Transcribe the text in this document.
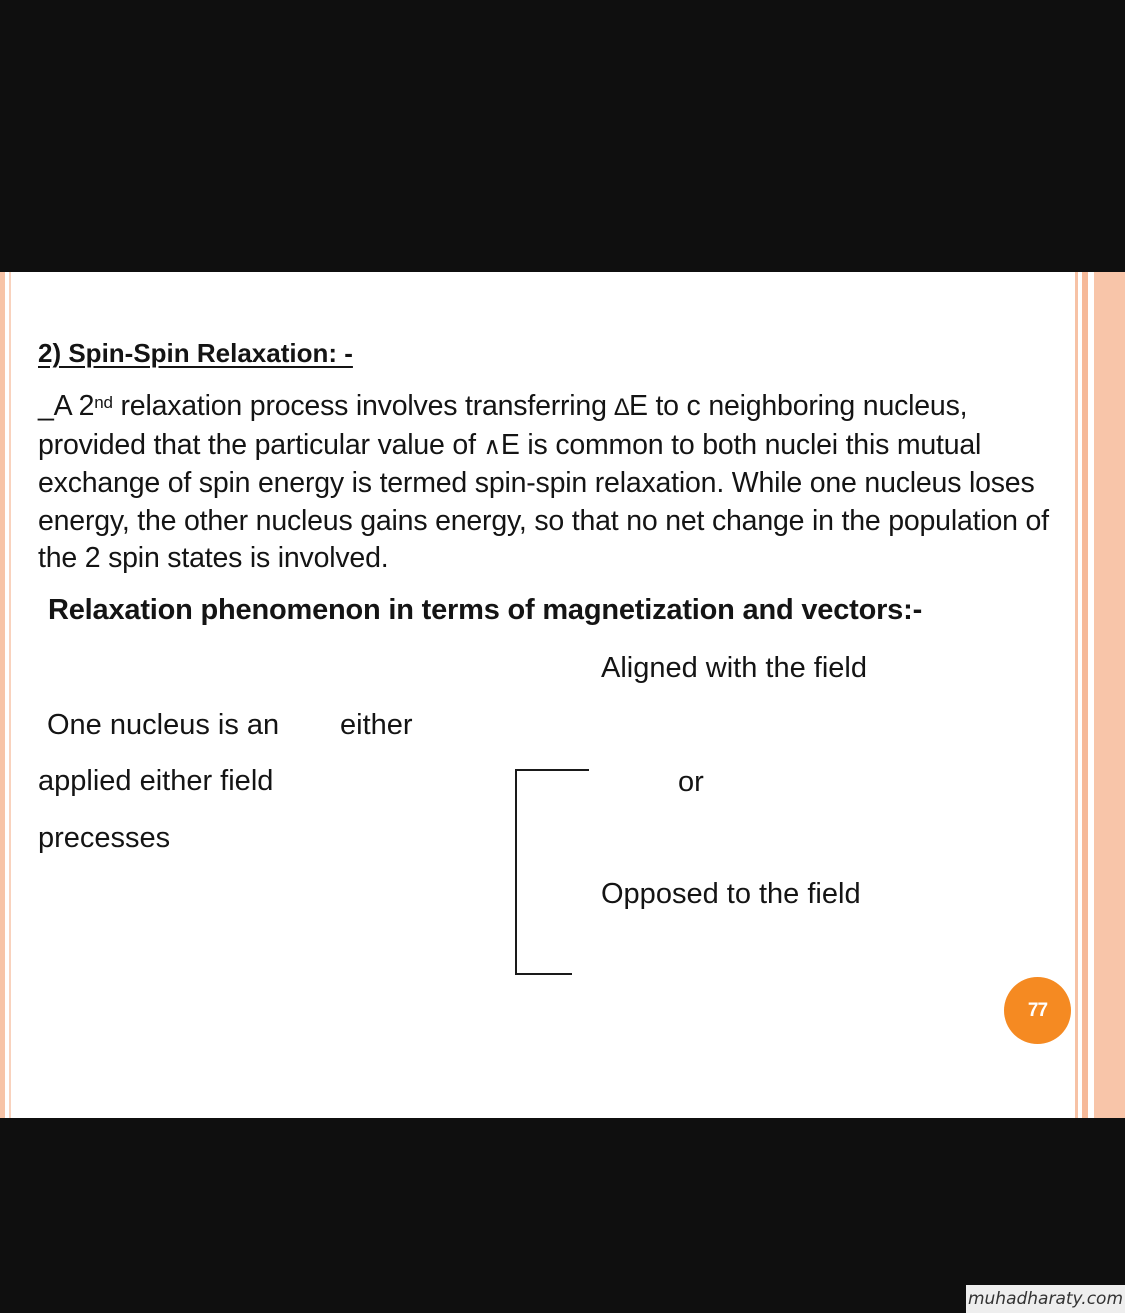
2) Spin-Spin Relaxation: -

_A 2nd relaxation process involves transferring ∆E to c neighboring nucleus, provided that the particular value of ∧E is common to both nuclei this mutual exchange of spin energy is termed spin-spin relaxation. While one nucleus loses energy, the other nucleus gains energy, so that no net change in the population of the 2 spin states is involved.

Relaxation phenomenon in terms of magnetization and vectors:-

Aligned with the field

One nucleus is an either

applied either field	or

precesses

Opposed to the field

77
muhadharaty.com
